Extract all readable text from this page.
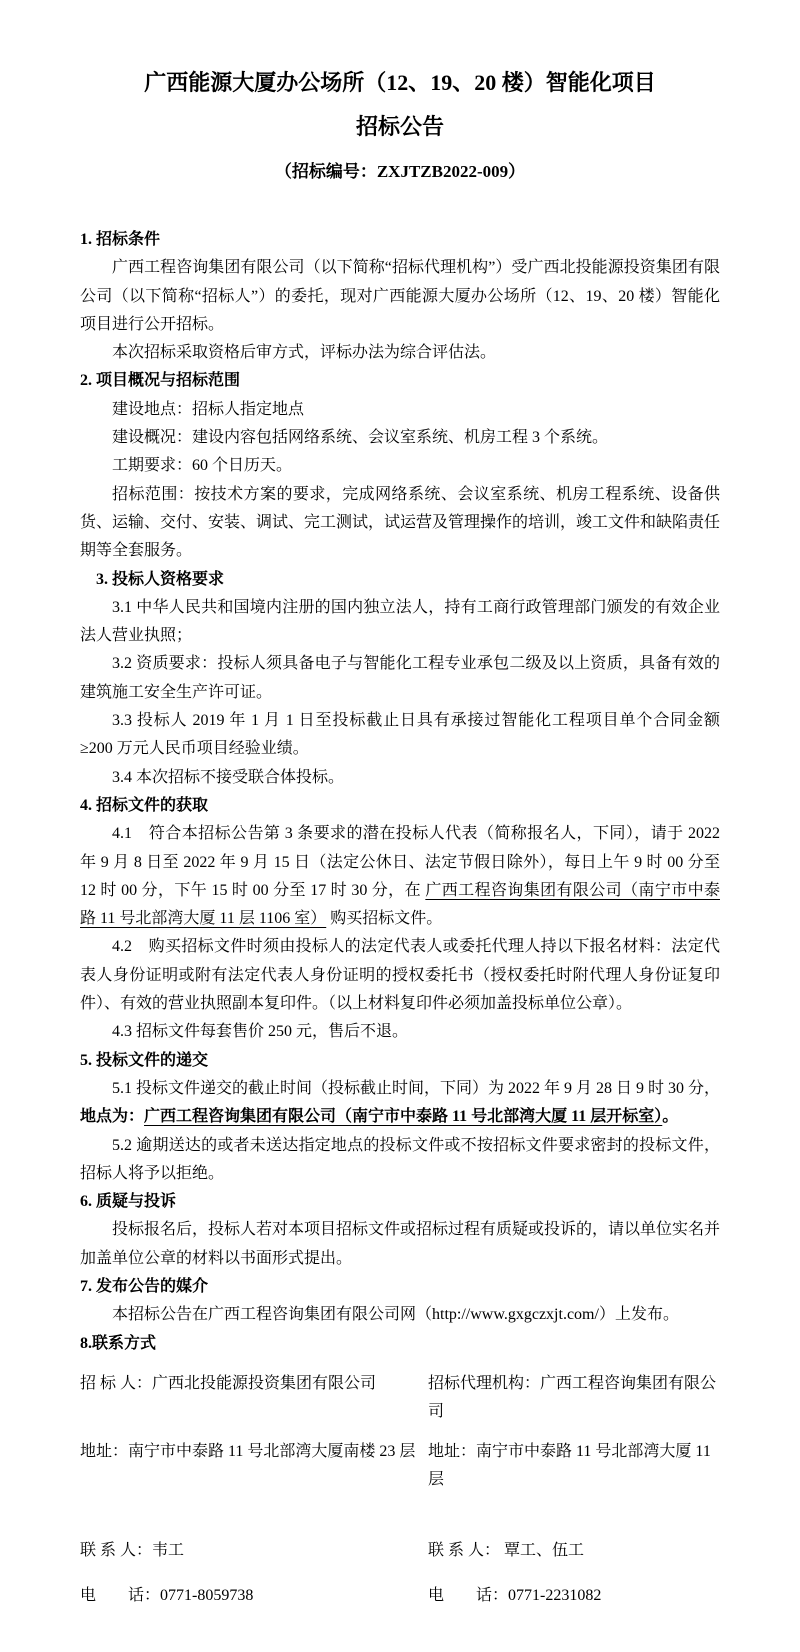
广西能源大厦办公场所（12、19、20 楼）智能化项目

招标公告

（招标编号：ZXJTZB2022-009）

1. 招标条件

广西工程咨询集团有限公司（以下简称“招标代理机构”）受广西北投能源投资集团有限公司（以下简称“招标人”）的委托，现对广西能源大厦办公场所（12、19、20 楼）智能化项目进行公开招标。

本次招标采取资格后审方式，评标办法为综合评估法。

2. 项目概况与招标范围

建设地点：招标人指定地点

建设概况：建设内容包括网络系统、会议室系统、机房工程 3 个系统。

工期要求：60 个日历天。

招标范围：按技术方案的要求，完成网络系统、会议室系统、机房工程系统、设备供货、运输、交付、安装、调试、完工测试，试运营及管理操作的培训，竣工文件和缺陷责任期等全套服务。

3. 投标人资格要求

3.1 中华人民共和国境内注册的国内独立法人，持有工商行政管理部门颁发的有效企业法人营业执照；

3.2 资质要求：投标人须具备电子与智能化工程专业承包二级及以上资质，具备有效的建筑施工安全生产许可证。

3.3 投标人 2019 年 1 月 1 日至投标截止日具有承接过智能化工程项目单个合同金额≥200 万元人民币项目经验业绩。

3.4 本次招标不接受联合体投标。

4. 招标文件的获取

4.1　符合本招标公告第 3 条要求的潜在投标人代表（简称报名人，下同），请于 2022 年 9 月 8 日至 2022 年 9 月 15 日（法定公休日、法定节假日除外），每日上午 9 时 00 分至 12 时 00 分，下午 15 时 00 分至 17 时 30 分，在 广西工程咨询集团有限公司（南宁市中泰路 11 号北部湾大厦 11 层 1106 室） 购买招标文件。

4.2　购买招标文件时须由投标人的法定代表人或委托代理人持以下报名材料：法定代表人身份证明或附有法定代表人身份证明的授权委托书（授权委托时附代理人身份证复印件）、有效的营业执照副本复印件。（以上材料复印件必须加盖投标单位公章）。

4.3 招标文件每套售价 250 元，售后不退。

5. 投标文件的递交

5.1 投标文件递交的截止时间（投标截止时间，下同）为 2022 年 9 月 28 日 9 时 30 分，地点为：广西工程咨询集团有限公司（南宁市中泰路 11 号北部湾大厦 11 层开标室）。

5.2 逾期送达的或者未送达指定地点的投标文件或不按招标文件要求密封的投标文件，招标人将予以拒绝。

6. 质疑与投诉

投标报名后，投标人若对本项目招标文件或招标过程有质疑或投诉的，请以单位实名并加盖单位公章的材料以书面形式提出。

7. 发布公告的媒介

本招标公告在广西工程咨询集团有限公司网（http://www.gxgczxjt.com/）上发布。

8.联系方式

招 标 人：广西北投能源投资集团有限公司	招标代理机构：广西工程咨询集团有限公司
地址：南宁市中泰路 11 号北部湾大厦南楼 23 层 地址：南宁市中泰路 11 号北部湾大厦 11 层
联 系 人：韦工	联 系 人： 覃工、伍工
电　　话：0771-8059738	电　　话：0771-2231082
